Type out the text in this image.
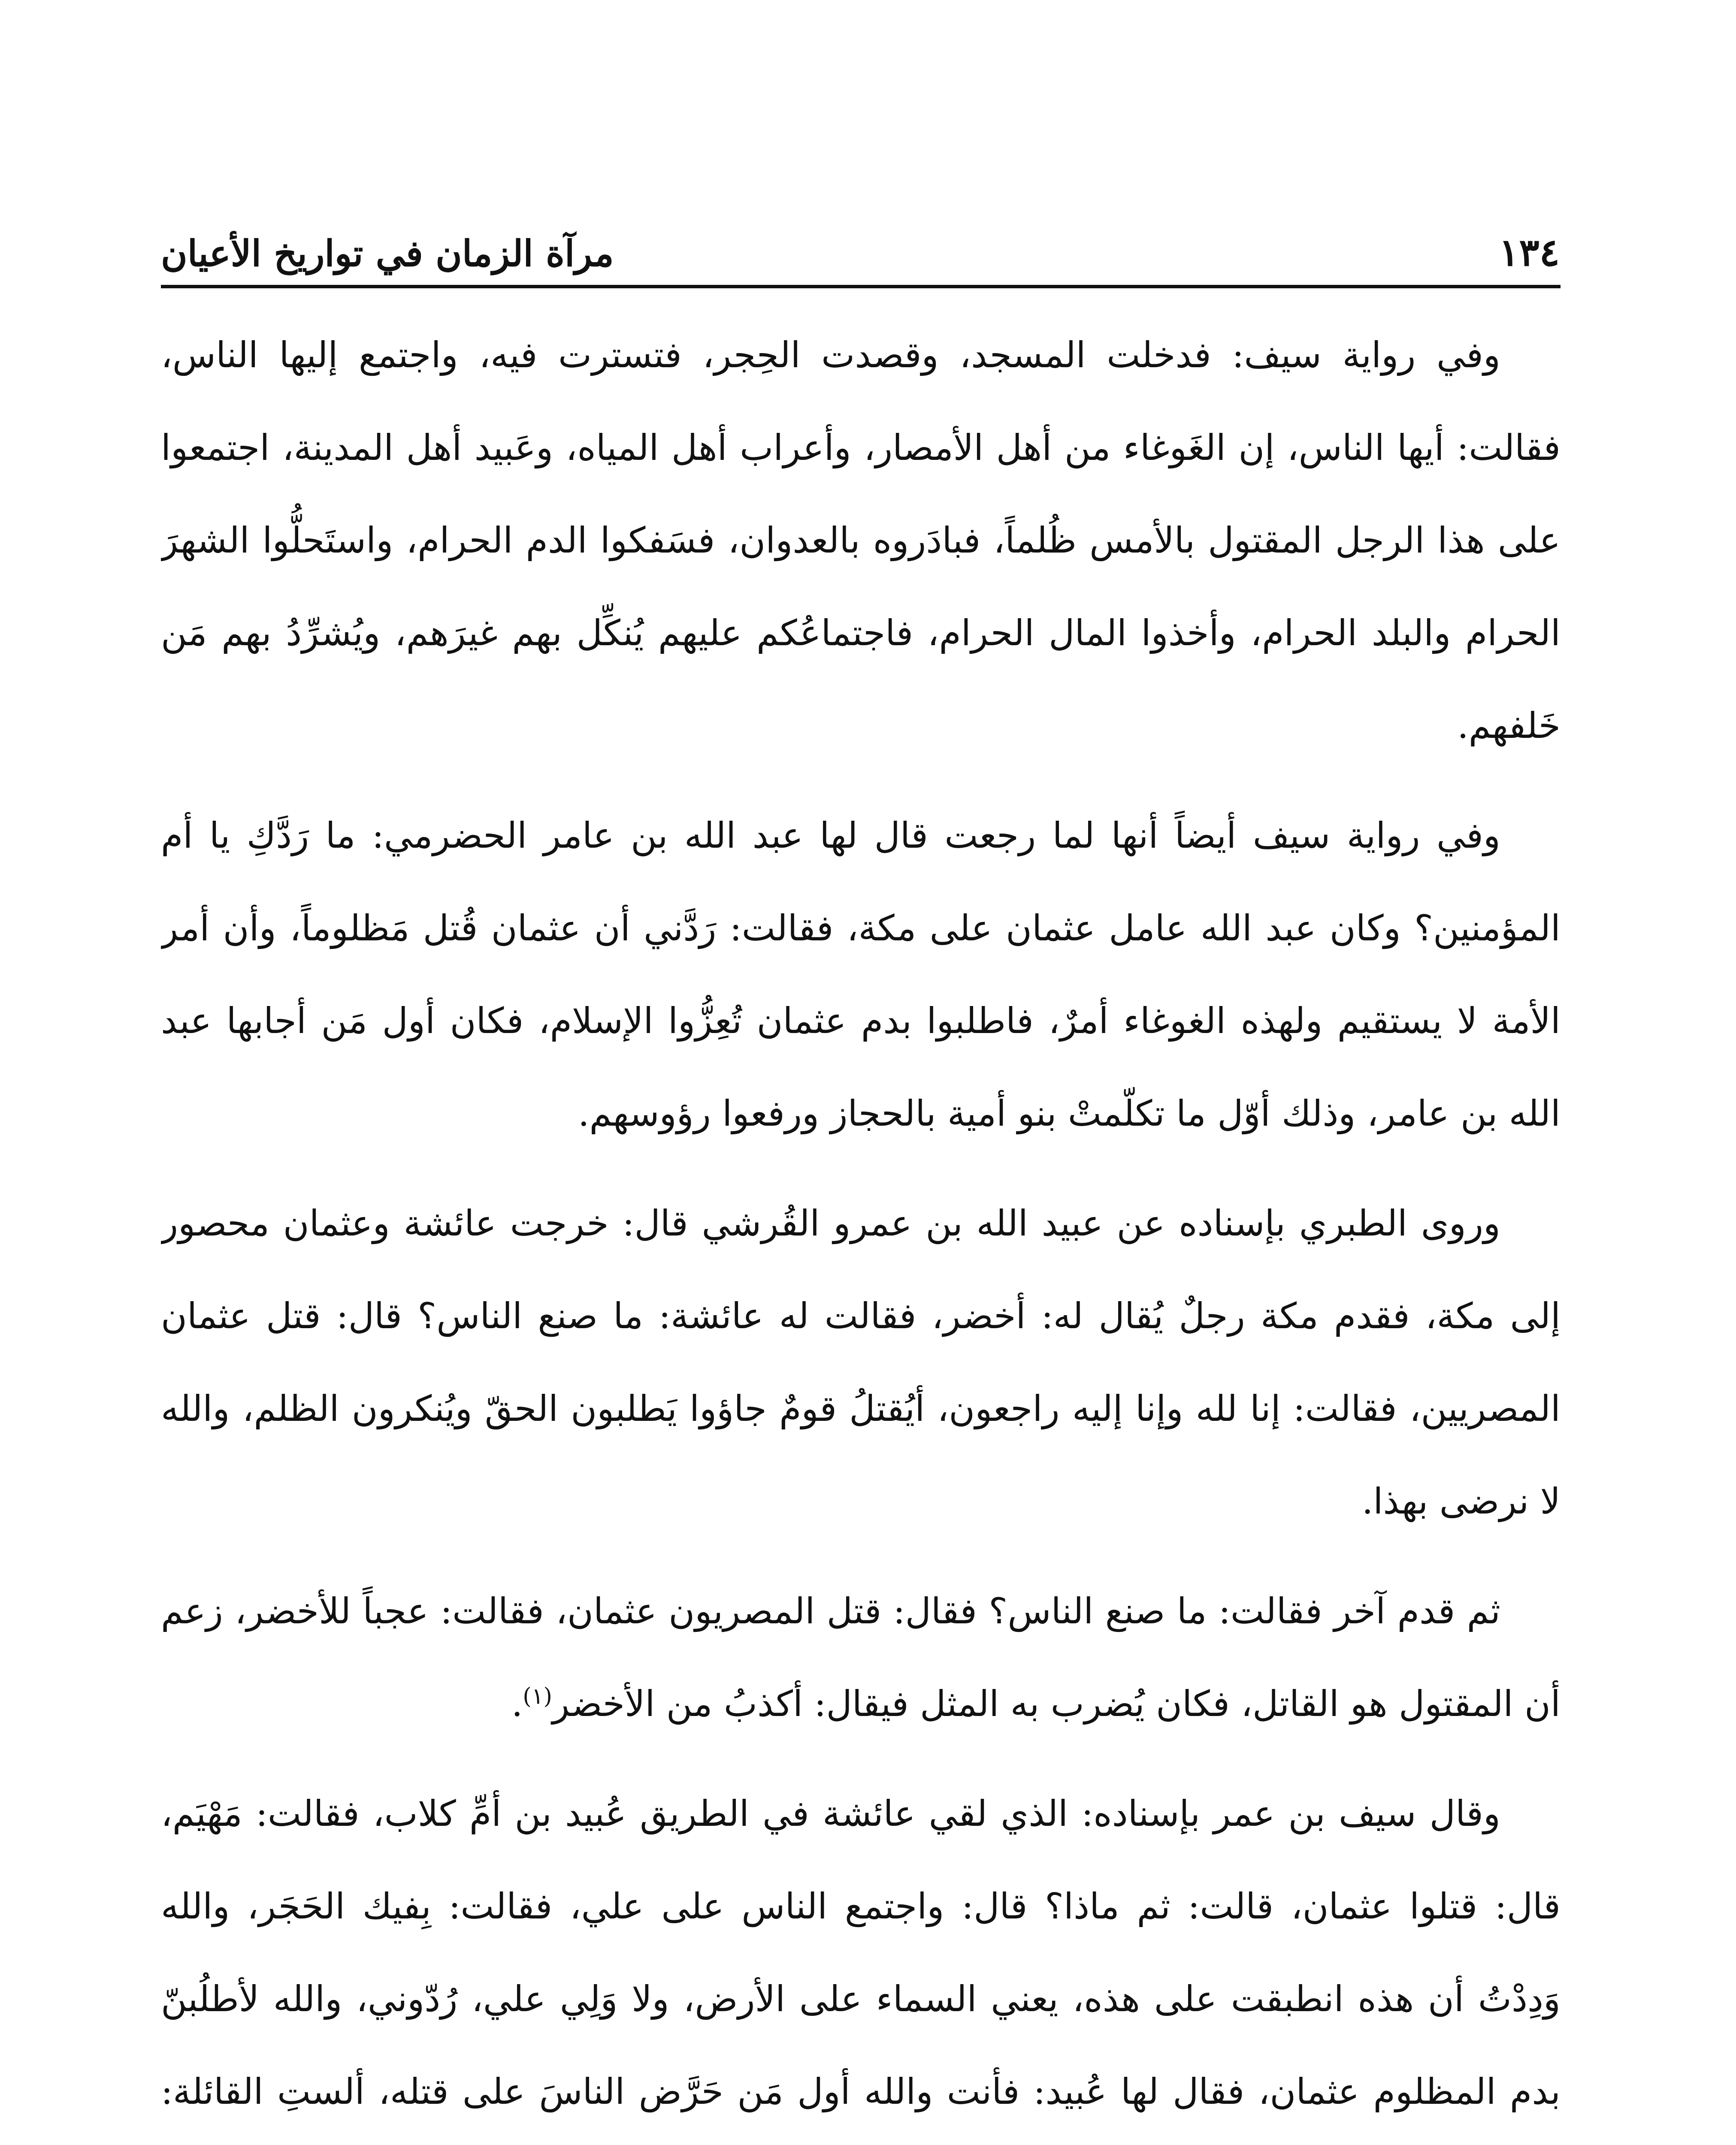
١٣٤
مرآة الزمان في تواريخ الأعيان

وفي رواية سيف: فدخلت المسجد، وقصدت الحِجر، فتسترت فيه، واجتمع إليها الناس، فقالت: أيها الناس، إن الغَوغاء من أهل الأمصار، وأعراب أهل المياه، وعَبيد أهل المدينة، اجتمعوا على هذا الرجل المقتول بالأمس ظُلماً، فبادَروه بالعدوان، فسَفكوا الدم الحرام، واستَحلُّوا الشهرَ الحرام والبلد الحرام، وأخذوا المال الحرام، فاجتماعُكم عليهم يُنكِّل بهم غيرَهم، ويُشرِّدُ بهم مَن خَلفهم.

وفي رواية سيف أيضاً أنها لما رجعت قال لها عبد الله بن عامر الحضرمي: ما رَدَّكِ يا أم المؤمنين؟ وكان عبد الله عامل عثمان على مكة، فقالت: رَدَّني أن عثمان قُتل مَظلوماً، وأن أمر الأمة لا يستقيم ولهذه الغوغاء أمرٌ، فاطلبوا بدم عثمان تُعِزُّوا الإسلام، فكان أول مَن أجابها عبد الله بن عامر، وذلك أوّل ما تكلّمتْ بنو أمية بالحجاز ورفعوا رؤوسهم.

وروى الطبري بإسناده عن عبيد الله بن عمرو القُرشي قال: خرجت عائشة وعثمان محصور إلى مكة، فقدم مكة رجلٌ يُقال له: أخضر، فقالت له عائشة: ما صنع الناس؟ قال: قتل عثمان المصريين، فقالت: إنا لله وإنا إليه راجعون، أيُقتلُ قومٌ جاؤوا يَطلبون الحقّ ويُنكرون الظلم، والله لا نرضى بهذا.

ثم قدم آخر فقالت: ما صنع الناس؟ فقال: قتل المصريون عثمان، فقالت: عجباً للأخضر، زعم أن المقتول هو القاتل، فكان يُضرب به المثل فيقال: أكذبُ من الأخضر$^{(١)}$.

وقال سيف بن عمر بإسناده: الذي لقي عائشة في الطريق عُبيد بن أمِّ كلاب، فقالت: مَهْيَم، قال: قتلوا عثمان، قالت: ثم ماذا؟ قال: واجتمع الناس على علي، فقالت: بِفيك الحَجَر، والله وَدِدْتُ أن هذه انطبقت على هذه، يعني السماء على الأرض، ولا وَلِي علي، رُدّوني، والله لأطلُبنّ بدم المظلوم عثمان، فقال لها عُبيد: فأنت والله أول مَن حَرَّض الناسَ على قتله، ألستِ القائلة:
